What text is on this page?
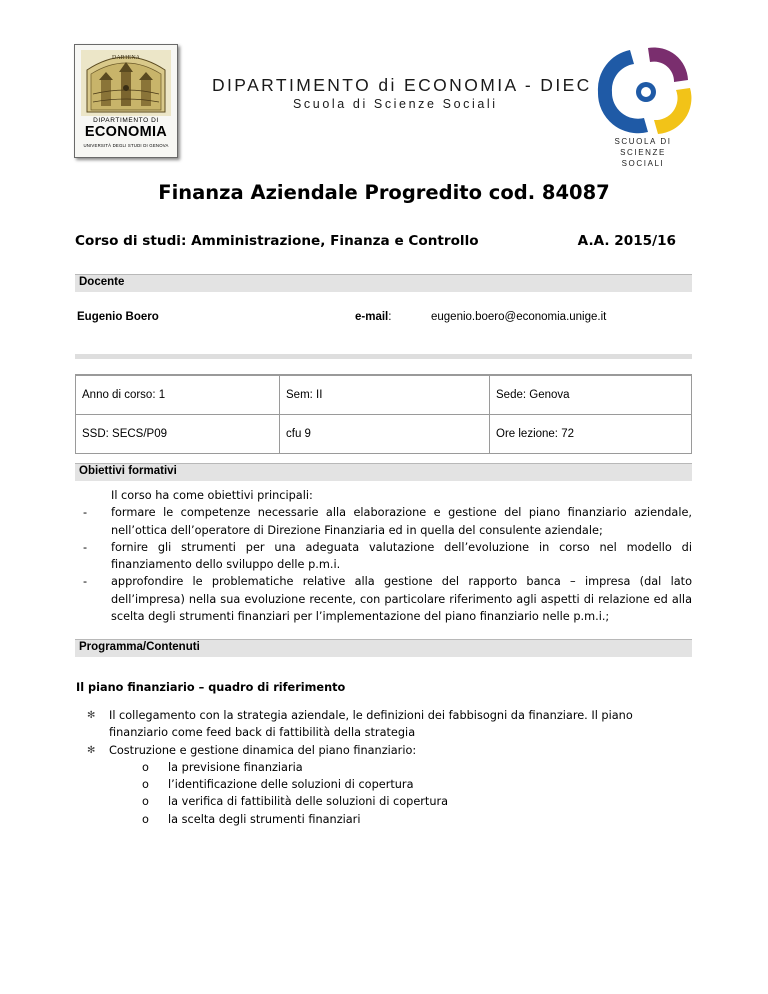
DAR1ENA
DIPARTIMENTO DI
ECONOMIA
UNIVERSITÀ DEGLI STUDI DI GENOVA
DIPARTIMENTO di ECONOMIA - DIEC
Scuola di Scienze Sociali
SCUOLA DI
SCIENZE SOCIALI
Finanza Aziendale Progredito cod. 84087
Corso di studi: Amministrazione, Finanza e Controllo	A.A. 2015/16
Docente
Eugenio Boero	e-mail:	eugenio.boero@economia.unige.it
Anno di corso: 1	Sem: II	Sede: Genova
SSD: SECS/P09	cfu 9	Ore lezione: 72
Obiettivi formativi
Il corso ha come obiettivi principali:
- formare le competenze necessarie alla elaborazione e gestione del piano finanziario aziendale, nell’ottica dell’operatore di Direzione Finanziaria ed in quella del consulente aziendale;
- fornire gli strumenti per una adeguata valutazione dell’evoluzione in corso nel modello di finanziamento dello sviluppo delle p.m.i.
- approfondire le problematiche relative alla gestione del rapporto banca – impresa (dal lato dell’impresa) nella sua evoluzione recente, con particolare riferimento agli aspetti di relazione ed alla scelta degli strumenti finanziari per l’implementazione del piano finanziario nelle p.m.i.;
Programma/Contenuti
Il piano finanziario – quadro di riferimento
✻ Il collegamento con la strategia aziendale, le definizioni dei fabbisogni da finanziare. Il piano finanziario come feed back di fattibilità della strategia
✻ Costruzione e gestione dinamica del piano finanziario:
o la previsione finanziaria
o l’identificazione delle soluzioni di copertura
o la verifica di fattibilità delle soluzioni di copertura
o la scelta degli strumenti finanziari
